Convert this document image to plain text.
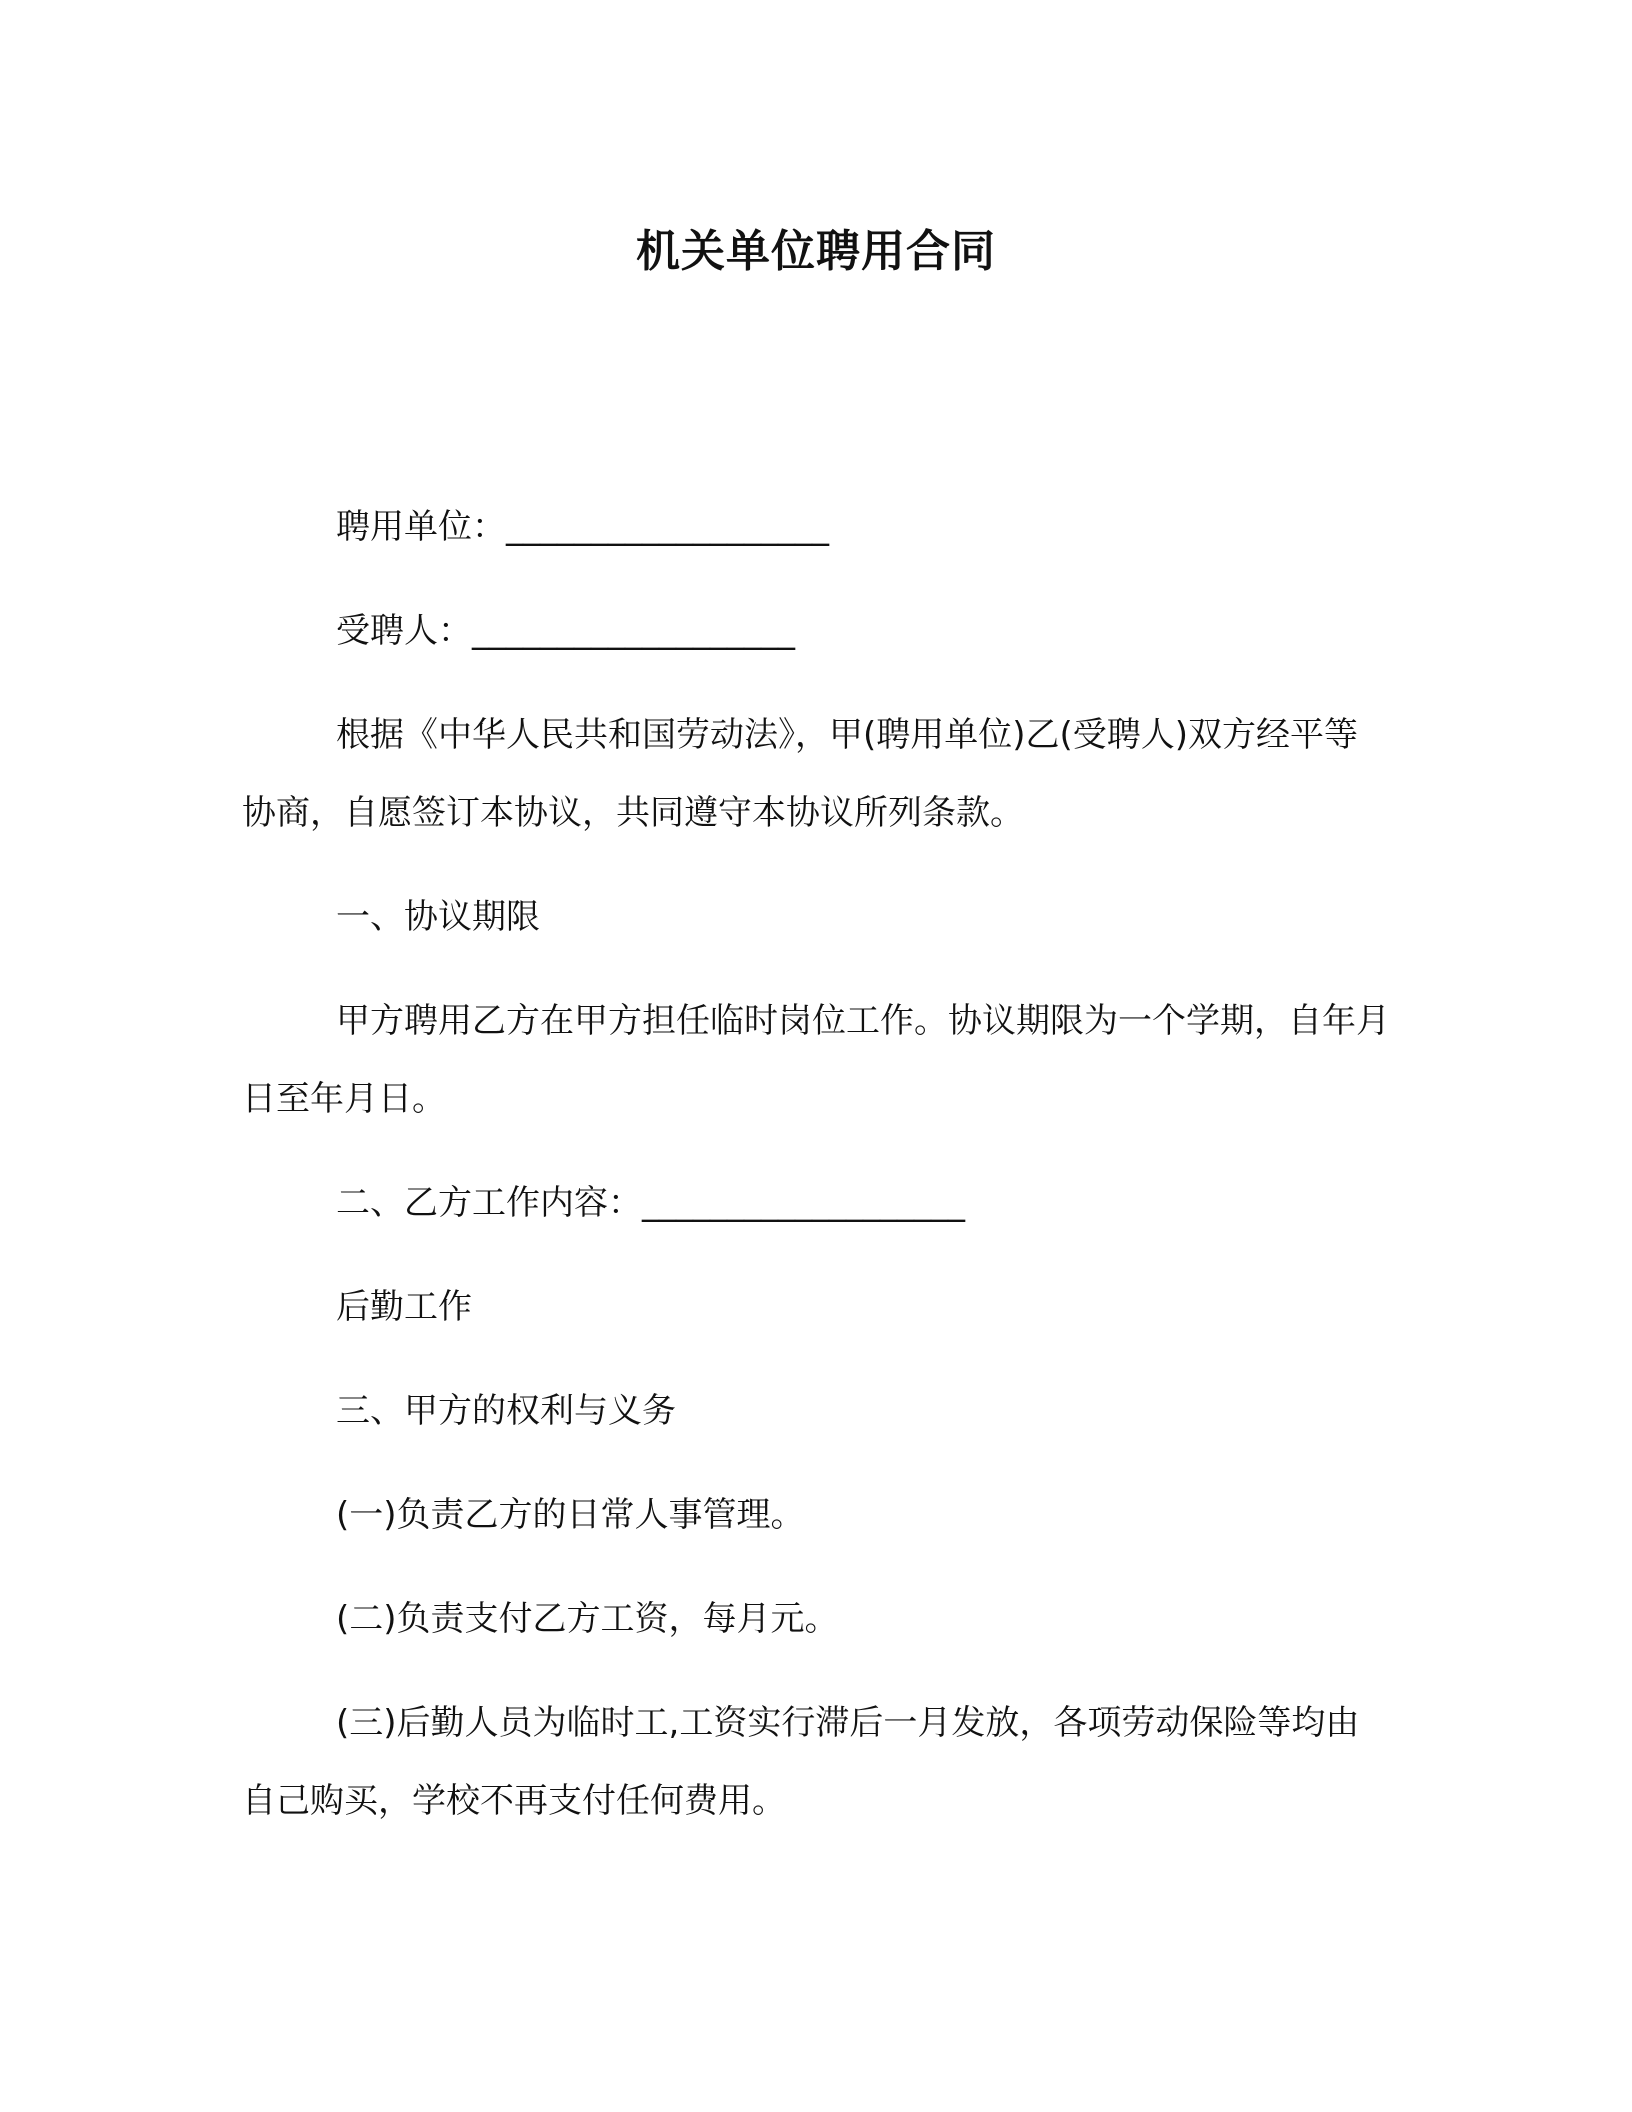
机关单位聘用合同

聘用单位：___________________

受聘人：___________________

根据《中华人民共和国劳动法》，甲(聘用单位)乙(受聘人)双方经平等协商，自愿签订本协议，共同遵守本协议所列条款。

一、协议期限

甲方聘用乙方在甲方担任临时岗位工作。协议期限为一个学期，自年月日至年月日。

二、乙方工作内容：___________________

后勤工作

三、甲方的权利与义务

(一)负责乙方的日常人事管理。

(二)负责支付乙方工资，每月元。

(三)后勤人员为临时工,工资实行滞后一月发放，各项劳动保险等均由自己购买，学校不再支付任何费用。
